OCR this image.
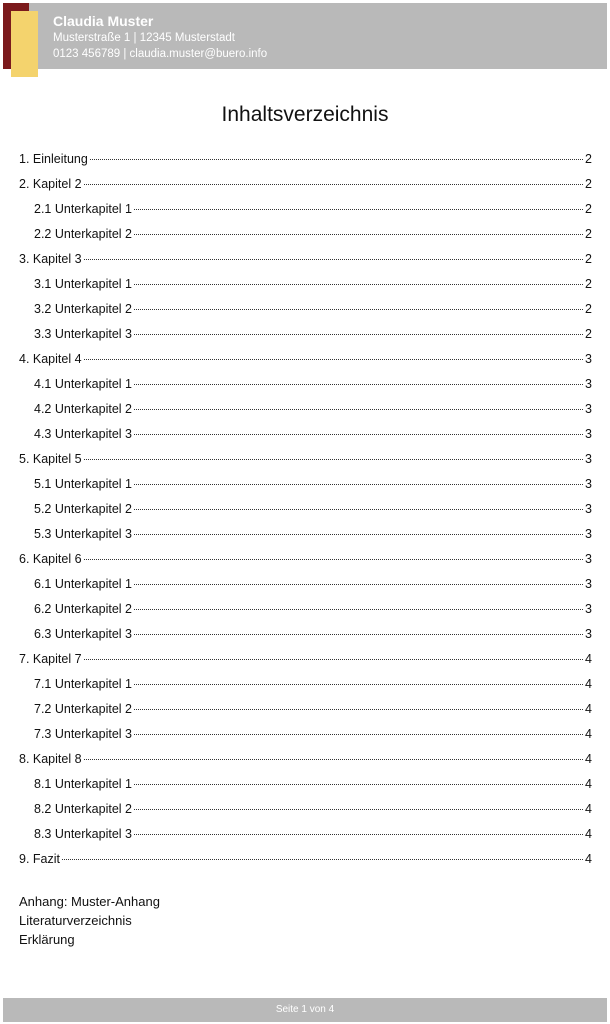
Claudia Muster
Musterstraße 1 | 12345 Musterstadt
0123 456789 | claudia.muster@buero.info
Inhaltsverzeichnis
1. Einleitung	2
2. Kapitel 2	2
2.1 Unterkapitel 1	2
2.2 Unterkapitel 2	2
3. Kapitel 3	2
3.1 Unterkapitel 1	2
3.2 Unterkapitel 2	2
3.3 Unterkapitel 3	2
4. Kapitel 4	3
4.1 Unterkapitel 1	3
4.2 Unterkapitel 2	3
4.3 Unterkapitel 3	3
5. Kapitel 5	3
5.1 Unterkapitel 1	3
5.2 Unterkapitel 2	3
5.3 Unterkapitel 3	3
6. Kapitel 6	3
6.1 Unterkapitel 1	3
6.2 Unterkapitel 2	3
6.3 Unterkapitel 3	3
7. Kapitel 7	4
7.1 Unterkapitel 1	4
7.2 Unterkapitel 2	4
7.3 Unterkapitel 3	4
8. Kapitel 8	4
8.1 Unterkapitel 1	4
8.2 Unterkapitel 2	4
8.3 Unterkapitel 3	4
9. Fazit	4
Anhang: Muster-Anhang
Literaturverzeichnis
Erklärung
Seite 1 von 4
